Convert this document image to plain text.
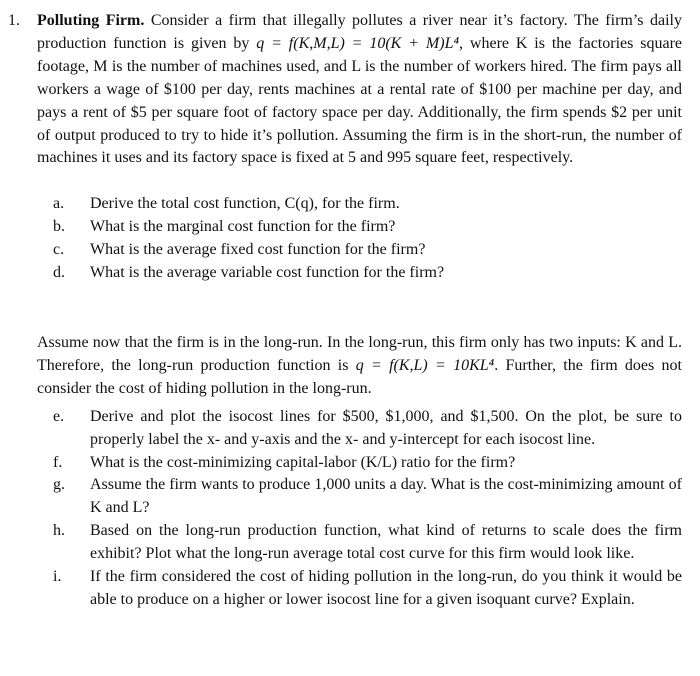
1. Polluting Firm. Consider a firm that illegally pollutes a river near it’s factory. The firm’s daily production function is given by q = f(K,M,L) = 10(K + M)L⁴, where K is the factories square footage, M is the number of machines used, and L is the number of workers hired. The firm pays all workers a wage of $100 per day, rents machines at a rental rate of $100 per machine per day, and pays a rent of $5 per square foot of factory space per day. Additionally, the firm spends $2 per unit of output produced to try to hide it’s pollution. Assuming the firm is in the short-run, the number of machines it uses and its factory space is fixed at 5 and 995 square feet, respectively.
a. Derive the total cost function, C(q), for the firm.
b. What is the marginal cost function for the firm?
c. What is the average fixed cost function for the firm?
d. What is the average variable cost function for the firm?
Assume now that the firm is in the long-run. In the long-run, this firm only has two inputs: K and L. Therefore, the long-run production function is q = f(K,L) = 10KL⁴. Further, the firm does not consider the cost of hiding pollution in the long-run.
e. Derive and plot the isocost lines for $500, $1,000, and $1,500. On the plot, be sure to properly label the x- and y-axis and the x- and y-intercept for each isocost line.
f. What is the cost-minimizing capital-labor (K/L) ratio for the firm?
g. Assume the firm wants to produce 1,000 units a day. What is the cost-minimizing amount of K and L?
h. Based on the long-run production function, what kind of returns to scale does the firm exhibit? Plot what the long-run average total cost curve for this firm would look like.
i. If the firm considered the cost of hiding pollution in the long-run, do you think it would be able to produce on a higher or lower isocost line for a given isoquant curve? Explain.
